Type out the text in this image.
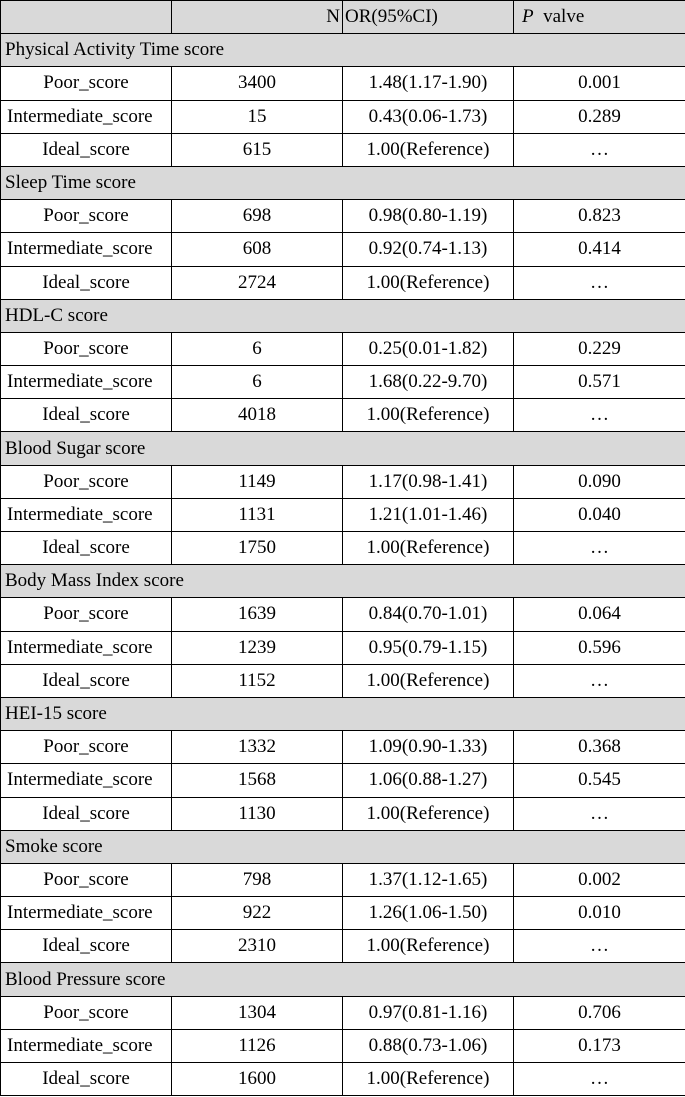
	N	OR(95%CI)	P  valve
Physical Activity Time score			
Poor_score	3400	1.48(1.17-1.90)	0.001
Intermediate_score	15	0.43(0.06-1.73)	0.289
Ideal_score	615	1.00(Reference)	…
Sleep Time score			
Poor_score	698	0.98(0.80-1.19)	0.823
Intermediate_score	608	0.92(0.74-1.13)	0.414
Ideal_score	2724	1.00(Reference)	…
HDL-C score			
Poor_score	6	0.25(0.01-1.82)	0.229
Intermediate_score	6	1.68(0.22-9.70)	0.571
Ideal_score	4018	1.00(Reference)	…
Blood Sugar score			
Poor_score	1149	1.17(0.98-1.41)	0.090
Intermediate_score	1131	1.21(1.01-1.46)	0.040
Ideal_score	1750	1.00(Reference)	…
Body Mass Index score			
Poor_score	1639	0.84(0.70-1.01)	0.064
Intermediate_score	1239	0.95(0.79-1.15)	0.596
Ideal_score	1152	1.00(Reference)	…
HEI-15 score			
Poor_score	1332	1.09(0.90-1.33)	0.368
Intermediate_score	1568	1.06(0.88-1.27)	0.545
Ideal_score	1130	1.00(Reference)	…
Smoke score			
Poor_score	798	1.37(1.12-1.65)	0.002
Intermediate_score	922	1.26(1.06-1.50)	0.010
Ideal_score	2310	1.00(Reference)	…
Blood Pressure score			
Poor_score	1304	0.97(0.81-1.16)	0.706
Intermediate_score	1126	0.88(0.73-1.06)	0.173
Ideal_score	1600	1.00(Reference)	…
